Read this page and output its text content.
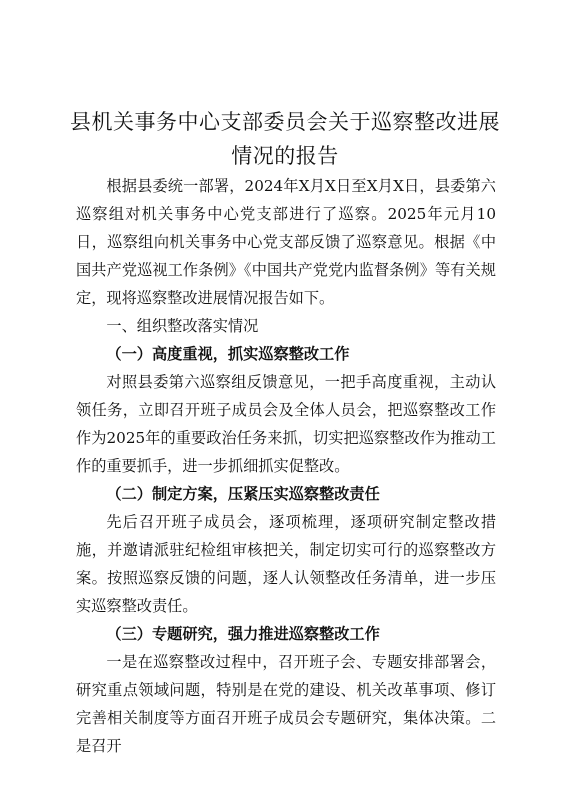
县机关事务中心支部委员会关于巡察整改进展
情况的报告

根据县委统一部署，2024年X月X日至X月X日，县委第六巡察组对机关事务中心党支部进行了巡察。2025年元月10日，巡察组向机关事务中心党支部反馈了巡察意见。根据《中国共产党巡视工作条例》《中国共产党党内监督条例》等有关规定，现将巡察整改进展情况报告如下。

一、组织整改落实情况

（一）高度重视，抓实巡察整改工作

对照县委第六巡察组反馈意见，一把手高度重视，主动认领任务，立即召开班子成员会及全体人员会，把巡察整改工作作为2025年的重要政治任务来抓，切实把巡察整改作为推动工作的重要抓手，进一步抓细抓实促整改。

（二）制定方案，压紧压实巡察整改责任

先后召开班子成员会，逐项梳理，逐项研究制定整改措施，并邀请派驻纪检组审核把关，制定切实可行的巡察整改方案。按照巡察反馈的问题，逐人认领整改任务清单，进一步压实巡察整改责任。

（三）专题研究，强力推进巡察整改工作

一是在巡察整改过程中，召开班子会、专题安排部署会，研究重点领域问题，特别是在党的建设、机关改革事项、修订完善相关制度等方面召开班子成员会专题研究，集体决策。二是召开
